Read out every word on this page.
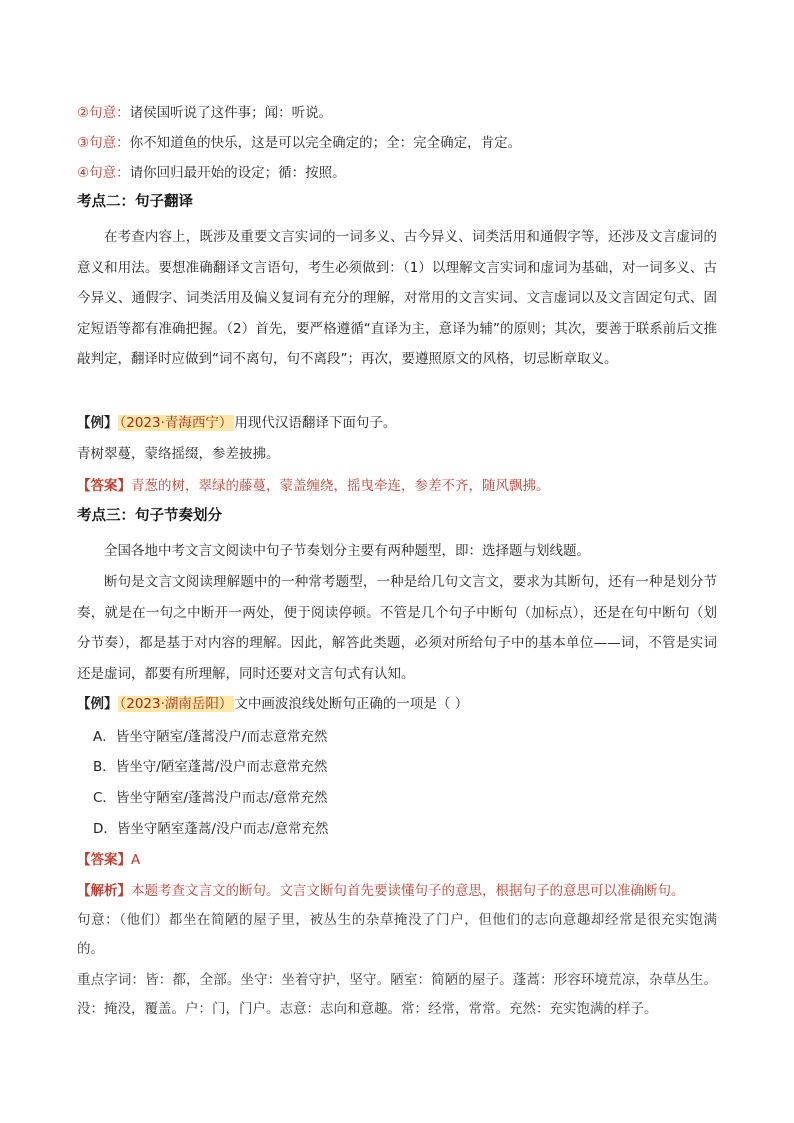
②句意：诸侯国听说了这件事；闻：听说。
③句意：你不知道鱼的快乐，这是可以完全确定的；全：完全确定，肯定。
④句意：请你回归最开始的设定；循：按照。
考点二：句子翻译
在考查内容上，既涉及重要文言实词的一词多义、古今异义、词类活用和通假字等，还涉及文言虚词的意义和用法。要想准确翻译文言语句，考生必须做到：（1）以理解文言实词和虚词为基础，对一词多义、古今异义、通假字、词类活用及偏义复词有充分的理解，对常用的文言实词、文言虚词以及文言固定句式、固定短语等都有准确把握。（2）首先，要严格遵循“直译为主，意译为辅”的原则；其次，要善于联系前后文推敲判定，翻译时应做到“词不离句，句不离段”；再次，要遵照原文的风格，切忌断章取义。
【例】 （2023·青海西宁） 用现代汉语翻译下面句子。
青树翠蔓，蒙络摇缀，参差披拂。
【答案】青葱的树，翠绿的藤蔓，蒙盖缠绕，摇曳牵连，参差不齐，随风飘拂。
考点三：句子节奏划分
全国各地中考文言文阅读中句子节奏划分主要有两种题型，即：选择题与划线题。
断句是文言文阅读理解题中的一种常考题型，一种是给几句文言文，要求为其断句，还有一种是划分节奏，就是在一句之中断开一两处，便于阅读停顿。不管是几个句子中断句（加标点），还是在句中断句（划分节奏），都是基于对内容的理解。因此，解答此类题，必须对所给句子中的基本单位——词，不管是实词还是虚词，都要有所理解，同时还要对文言句式有认知。
【例】 （2023·湖南岳阳） 文中画波浪线处断句正确的一项是（ ）
A．皆坐守陋室/蓬蒿没户/而志意常充然
B．皆坐守/陋室蓬蒿/没户而志意常充然
C．皆坐守陋室/蓬蒿没户而志/意常充然
D．皆坐守陋室蓬蒿/没户而志/意常充然
【答案】A
【解析】本题考查文言文的断句。文言文断句首先要读懂句子的意思，根据句子的意思可以准确断句。
句意：（他们）都坐在简陋的屋子里，被丛生的杂草掩没了门户，但他们的志向意趣却经常是很充实饱满的。
重点字词：皆：都，全部。坐守：坐着守护，坚守。陋室：简陋的屋子。蓬蒿：形容环境荒凉，杂草丛生。没：掩没，覆盖。户：门，门户。志意：志向和意趣。常：经常，常常。充然：充实饱满的样子。
